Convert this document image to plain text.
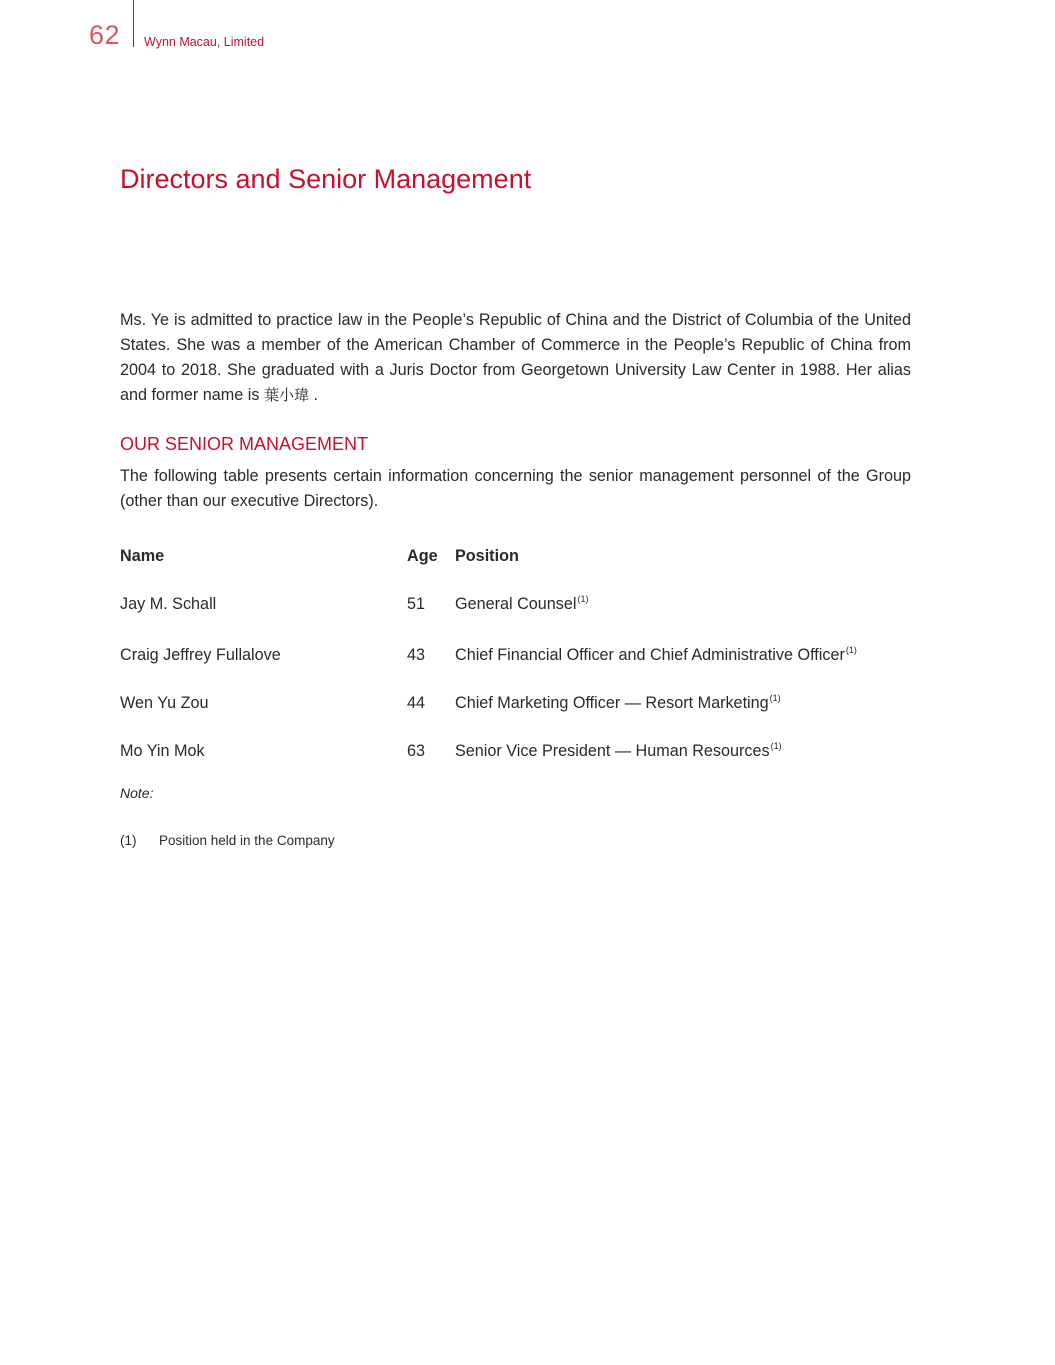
62 Wynn Macau, Limited
Directors and Senior Management

Ms. Ye is admitted to practice law in the People’s Republic of China and the District of Columbia of the United States. She was a member of the American Chamber of Commerce in the People’s Republic of China from 2004 to 2018. She graduated with a Juris Doctor from Georgetown University Law Center in 1988. Her alias and former name is 葉小瑋 .

OUR SENIOR MANAGEMENT

The following table presents certain information concerning the senior management personnel of the Group (other than our executive Directors).

Name	Age Position
Jay M. Schall	51 General Counsel$^{(1)}$
Craig Jeffrey Fullalove	43 Chief Financial Officer and Chief Administrative Officer$^{(1)}$
Wen Yu Zou	44 Chief Marketing Officer — Resort Marketing$^{(1)}$
Mo Yin Mok	63 Senior Vice President — Human Resources$^{(1)}$
Note:
(1) Position held in the Company
